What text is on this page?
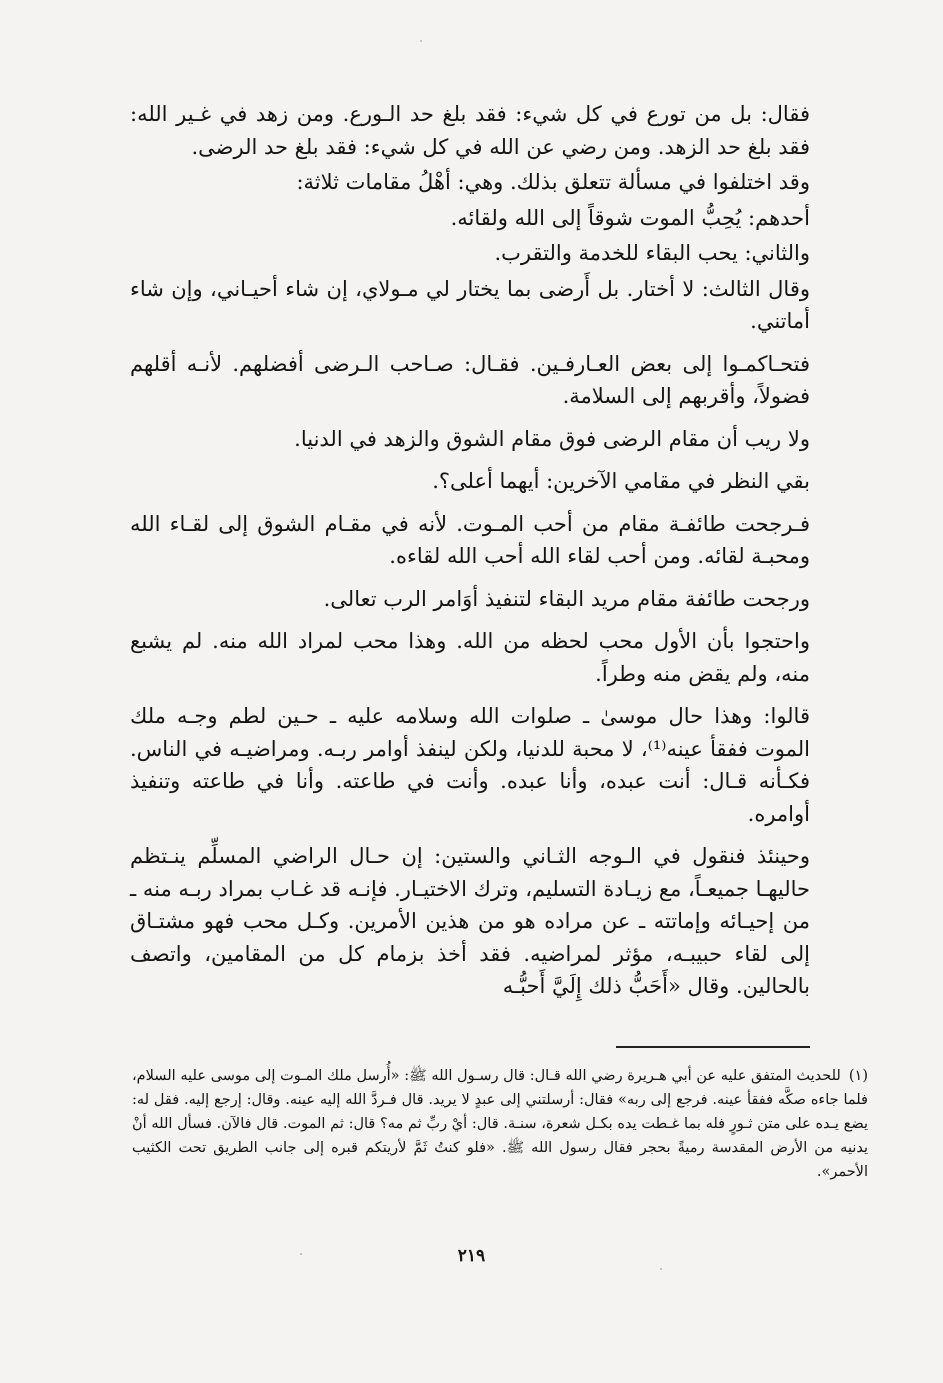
فقال: بل من تورع في كل شيء: فقد بلغ حد الـورع. ومن زهد في غـير الله: فقد بلغ حد الزهد. ومن رضي عن الله في كل شيء: فقد بلغ حد الرضى.

وقد اختلفوا في مسألة تتعلق بذلك. وهي: أهْلُ مقامات ثلاثة:

أحدهم: يُحِبُّ الموت شوقاً إلى الله ولقائه.

والثاني: يحب البقاء للخدمة والتقرب.

وقال الثالث: لا أختار. بل أَرضى بما يختار لي مـولاي، إن شاء أحيـاني، وإن شاء أماتني.

فتحـاكمـوا إلى بعض العـارفـين. فقـال: صـاحب الـرضى أفضلهم. لأنـه أقلهم فضولاً، وأقربهم إلى السلامة.

ولا ريب أن مقام الرضى فوق مقام الشوق والزهد في الدنيا.

بقي النظر في مقامي الآخرين: أيهما أعلى؟.

فـرجحت طائفـة مقام من أحب المـوت. لأنه في مقـام الشوق إلى لقـاء الله ومحبـة لقائه. ومن أحب لقاء الله أحب الله لقاءه.

ورجحت طائفة مقام مريد البقاء لتنفيذ أوَامر الرب تعالى.

واحتجوا بأن الأول محب لحظه من الله. وهذا محب لمراد الله منه. لم يشبع منه، ولم يقض منه وطراً.

قالوا: وهذا حال موسىٰ ـ صلوات الله وسلامه عليه ـ حـين لطم وجـه ملك الموت ففقأ عينه⁽¹⁾، لا محبة للدنيا، ولكن لينفذ أوامر ربـه. ومراضيـه في الناس. فكـأنه قـال: أنت عبده، وأنا عبده. وأنت في طاعته. وأنا في طاعته وتنفيذ أوامره.

وحينئذ فنقول في الـوجه الثـاني والستين: إن حـال الراضي المسلِّم ينـتظم حاليهـا جميعـاً، مع زيـادة التسليم، وترك الاختيـار. فإنـه قد غـاب بمراد ربـه منه ـ من إحيـائه وإماتته ـ عن مراده هو من هذين الأمرين. وكـل محب فهو مشتـاق إلى لقاء حبيبـه، مؤثر لمراضيه. فقد أخذ بزمام كل من المقامين، واتصف بالحالين. وقال «أَحَبُّ ذلك إِلَيَّ أَحبُّـه

(١)للحديث المتفق عليه عن أبي هـريرة رضي الله قـال: قال رسـول الله ﷺ: «أُرسل ملك المـوت إلى موسى عليه السلام، فلما جاءه صكَّه ففقأ عينه. فرجع إلى ربه» فقال: أرسلتني إلى عبدٍ لا يريد. قال فـردَّ الله إليه عينه. وقال: إرجع إليه. فقل له: يضع يـده على متن ثـورٍ فله بما غـطت يده بكـل شعرة، سنـة. قال: أيْ ربِّ ثم مه؟ قال: ثم الموت. قال فالآن. فسأل الله أنْ يدنيه من الأرض المقدسة رميةً بحجر فقال رسول الله ﷺ. «فلو كنتُ ثَمَّ لأريتكم قبره إلى جانب الطريق تحت الكثيب الأحمر».
٢١٩
